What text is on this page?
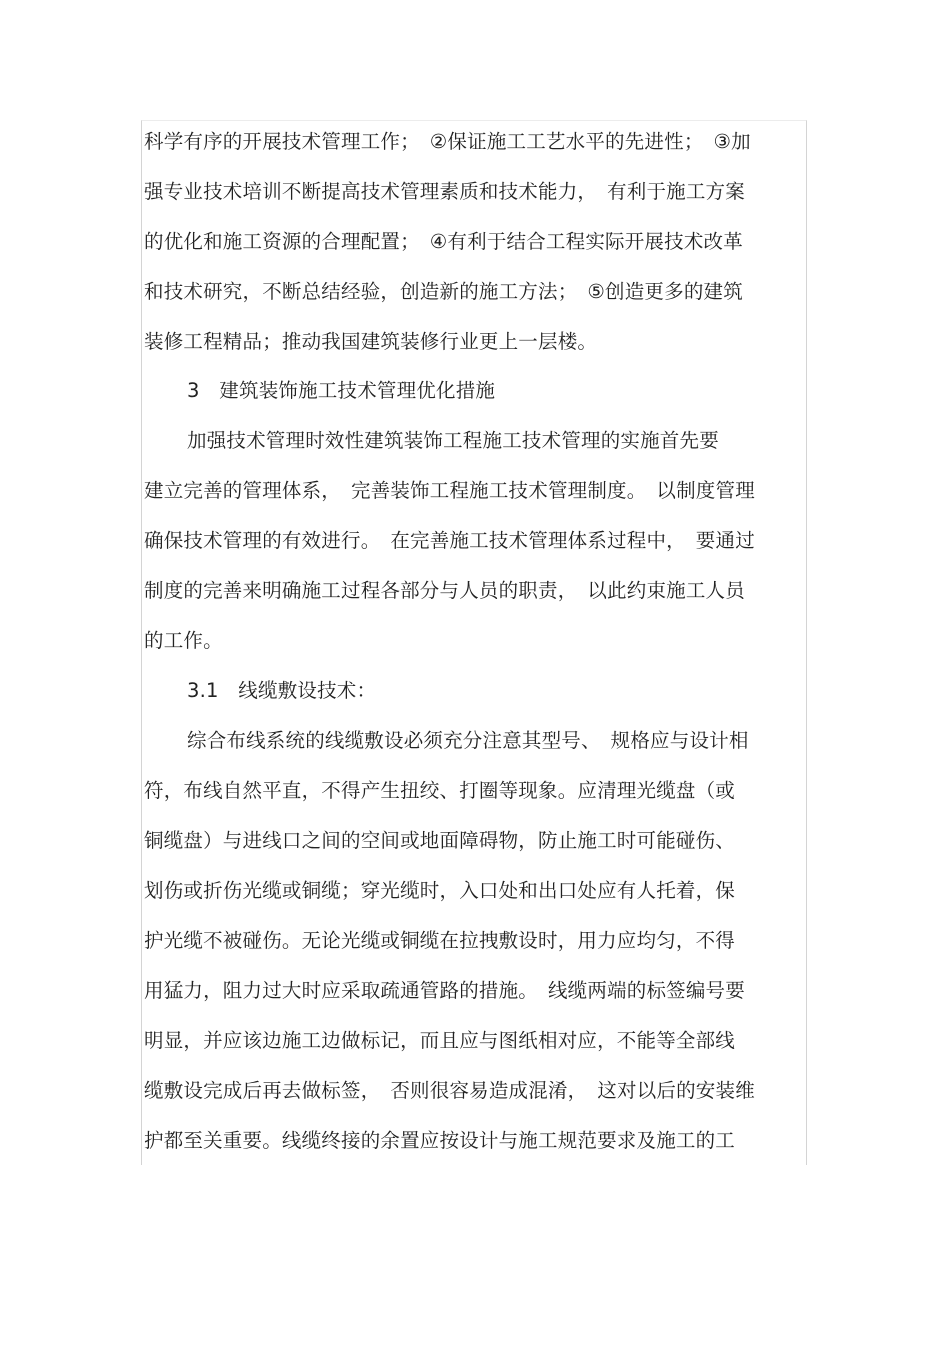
科学有序的开展技术管理工作；　②保证施工工艺水平的先进性；　③加
强专业技术培训不断提高技术管理素质和技术能力，　有利于施工方案
的优化和施工资源的合理配置；　④有利于结合工程实际开展技术改革
和技术研究，不断总结经验，创造新的施工方法；　⑤创造更多的建筑
装修工程精品；推动我国建筑装修行业更上一层楼。
3　建筑装饰施工技术管理优化措施
加强技术管理时效性建筑装饰工程施工技术管理的实施首先要
建立完善的管理体系，　完善装饰工程施工技术管理制度。　以制度管理
确保技术管理的有效进行。　在完善施工技术管理体系过程中，　要通过
制度的完善来明确施工过程各部分与人员的职责，　以此约束施工人员
的工作。
3.1　线缆敷设技术：
综合布线系统的线缆敷设必须充分注意其型号、　规格应与设计相
符，布线自然平直，不得产生扭绞、打圈等现象。应清理光缆盘（或
铜缆盘）与进线口之间的空间或地面障碍物，防止施工时可能碰伤、
划伤或折伤光缆或铜缆；穿光缆时，入口处和出口处应有人托着，保
护光缆不被碰伤。无论光缆或铜缆在拉拽敷设时，用力应均匀，不得
用猛力，阻力过大时应采取疏通管路的措施。　线缆两端的标签编号要
明显，并应该边施工边做标记，而且应与图纸相对应，不能等全部线
缆敷设完成后再去做标签，　否则很容易造成混淆，　这对以后的安装维
护都至关重要。线缆终接的余置应按设计与施工规范要求及施工的工
